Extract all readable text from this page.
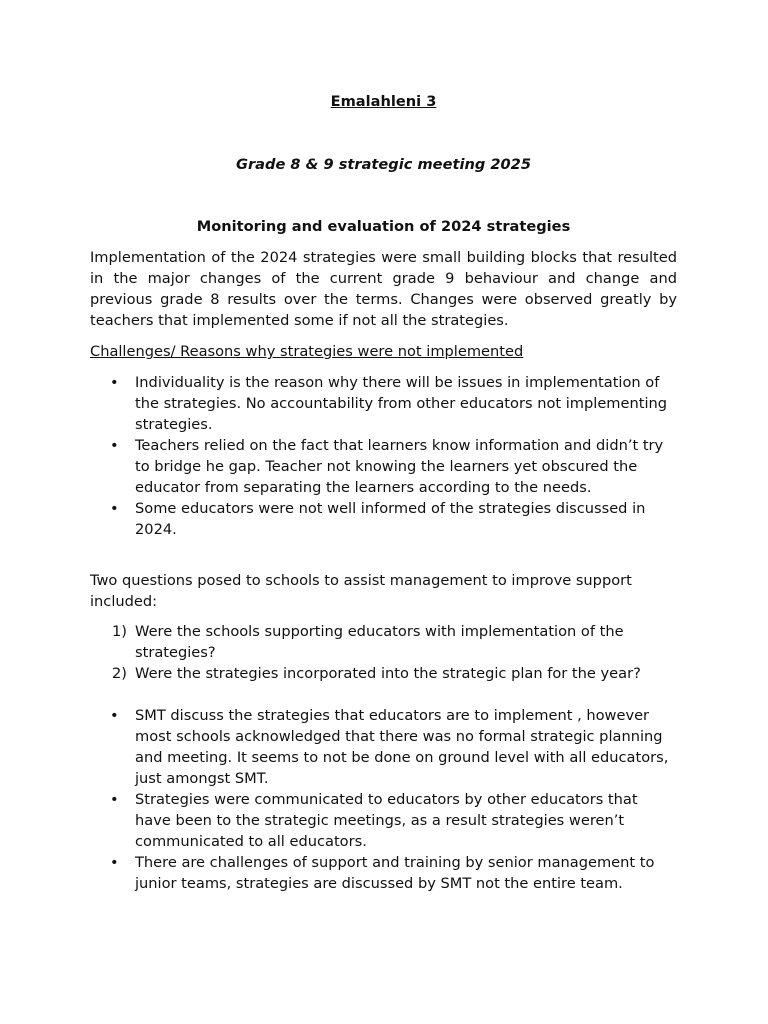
Emalahleni 3
Grade 8 & 9 strategic meeting 2025
Monitoring and evaluation of 2024 strategies

Implementation of the 2024 strategies were small building blocks that resulted in the major changes of the current grade 9 behaviour and change and previous grade 8 results over the terms. Changes were observed greatly by teachers that implemented some if not all the strategies.

Challenges/ Reasons why strategies were not implemented

• Individuality is the reason why there will be issues in implementation of the strategies. No accountability from other educators not implementing strategies.
• Teachers relied on the fact that learners know information and didn’t try to bridge he gap. Teacher not knowing the learners yet obscured the educator from separating the learners according to the needs.
• Some educators were not well informed of the strategies discussed in 2024.

Two questions posed to schools to assist management to improve support included:

1) Were the schools supporting educators with implementation of the strategies?
2) Were the strategies incorporated into the strategic plan for the year?
• SMT discuss the strategies that educators are to implement , however most schools acknowledged that there was no formal strategic planning and meeting. It seems to not be done on ground level with all educators, just amongst SMT.
• Strategies were communicated to educators by other educators that have been to the strategic meetings, as a result strategies weren’t communicated to all educators.
• There are challenges of support and training by senior management to junior teams, strategies are discussed by SMT not the entire team.
